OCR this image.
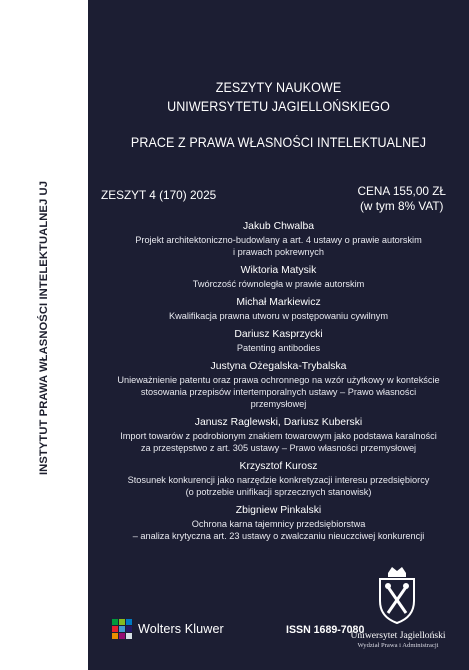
INSTYTUT PRAWA WŁASNOŚCI INTELEKTUALNEJ UJ
ZESZYTY NAUKOWE
UNIWERSYTETU JAGIELLOŃSKIEGO
PRACE Z PRAWA WŁASNOŚCI INTELEKTUALNEJ
ZESZYT 4 (170) 2025	CENA 155,00 ZŁ
(w tym 8% VAT)
Jakub Chwalba
Projekt architektoniczno-budowlany a art. 4 ustawy o prawie autorskim
i prawach pokrewnych
Wiktoria Matysik
Twórczość równoległa w prawie autorskim
Michał Markiewicz
Kwalifikacja prawna utworu w postępowaniu cywilnym
Dariusz Kasprzycki
Patenting antibodies
Justyna Ożegalska-Trybalska
Unieważnienie patentu oraz prawa ochronnego na wzór użytkowy w kontekście
stosowania przepisów intertemporalnych ustawy – Prawo własności przemysłowej
Janusz Raglewski, Dariusz Kuberski
Import towarów z podrobionym znakiem towarowym jako podstawa karalności
za przestępstwo z art. 305 ustawy – Prawo własności przemysłowej
Krzysztof Kurosz
Stosunek konkurencji jako narzędzie konkretyzacji interesu przedsiębiorcy
(o potrzebie unifikacji sprzecznych stanowisk)
Zbigniew Pinkalski
Ochrona karna tajemnicy przedsiębiorstwa
– analiza krytyczna art. 23 ustawy o zwalczaniu nieuczciwej konkurencji
Wolters Kluwer	ISSN 1689-7080
Uniwersytet Jagielloński
Wydział Prawa i Administracji
